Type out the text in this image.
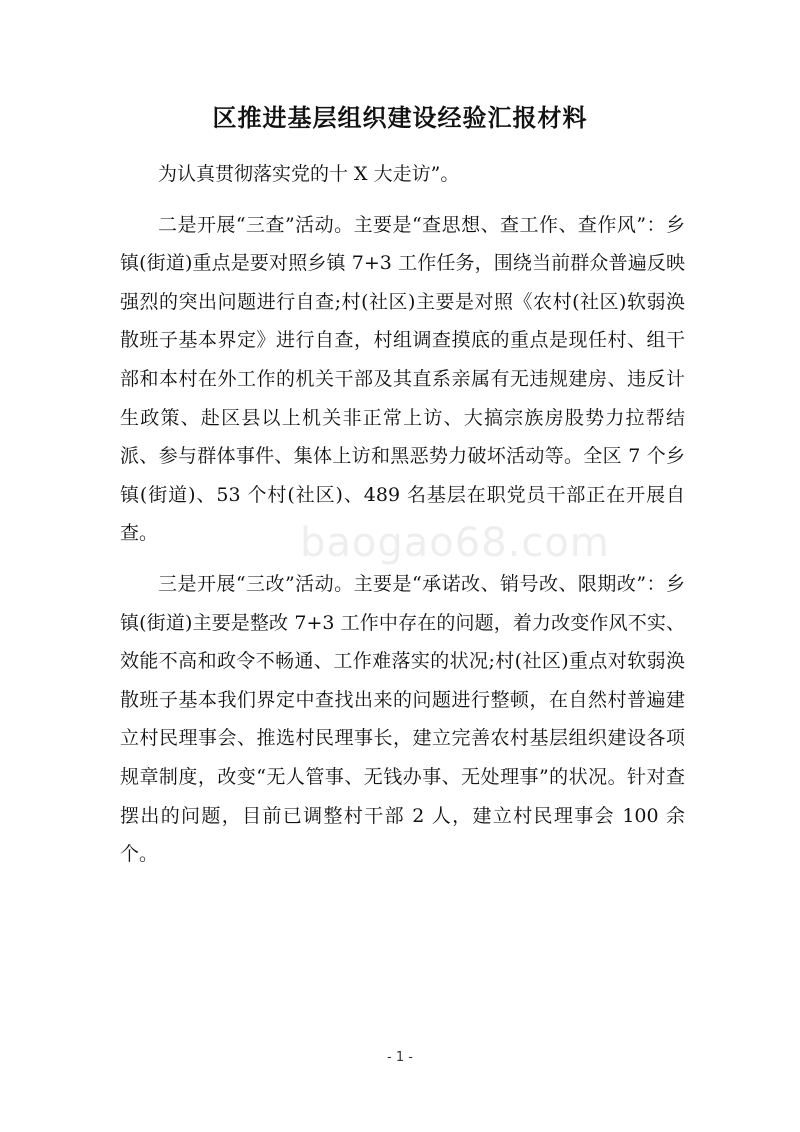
区推进基层组织建设经验汇报材料
baogao68.com

为认真贯彻落实党的十 X 大走访”。

二是开展“三查”活动。主要是“查思想、查工作、查作风”：乡镇(街道)重点是要对照乡镇 7+3 工作任务，围绕当前群众普遍反映强烈的突出问题进行自查;村(社区)主要是对照《农村(社区)软弱涣散班子基本界定》进行自查，村组调查摸底的重点是现任村、组干部和本村在外工作的机关干部及其直系亲属有无违规建房、违反计生政策、赴区县以上机关非正常上访、大搞宗族房股势力拉帮结派、参与群体事件、集体上访和黑恶势力破坏活动等。全区 7 个乡镇(街道)、53 个村(社区)、489 名基层在职党员干部正在开展自查。

三是开展“三改”活动。主要是“承诺改、销号改、限期改”：乡镇(街道)主要是整改 7+3 工作中存在的问题，着力改变作风不实、效能不高和政令不畅通、工作难落实的状况;村(社区)重点对软弱涣散班子基本我们界定中查找出来的问题进行整顿，在自然村普遍建立村民理事会、推选村民理事长，建立完善农村基层组织建设各项规章制度，改变“无人管事、无钱办事、无处理事”的状况。针对查摆出的问题，目前已调整村干部 2 人，建立村民理事会 100 余个。

- 1 -
